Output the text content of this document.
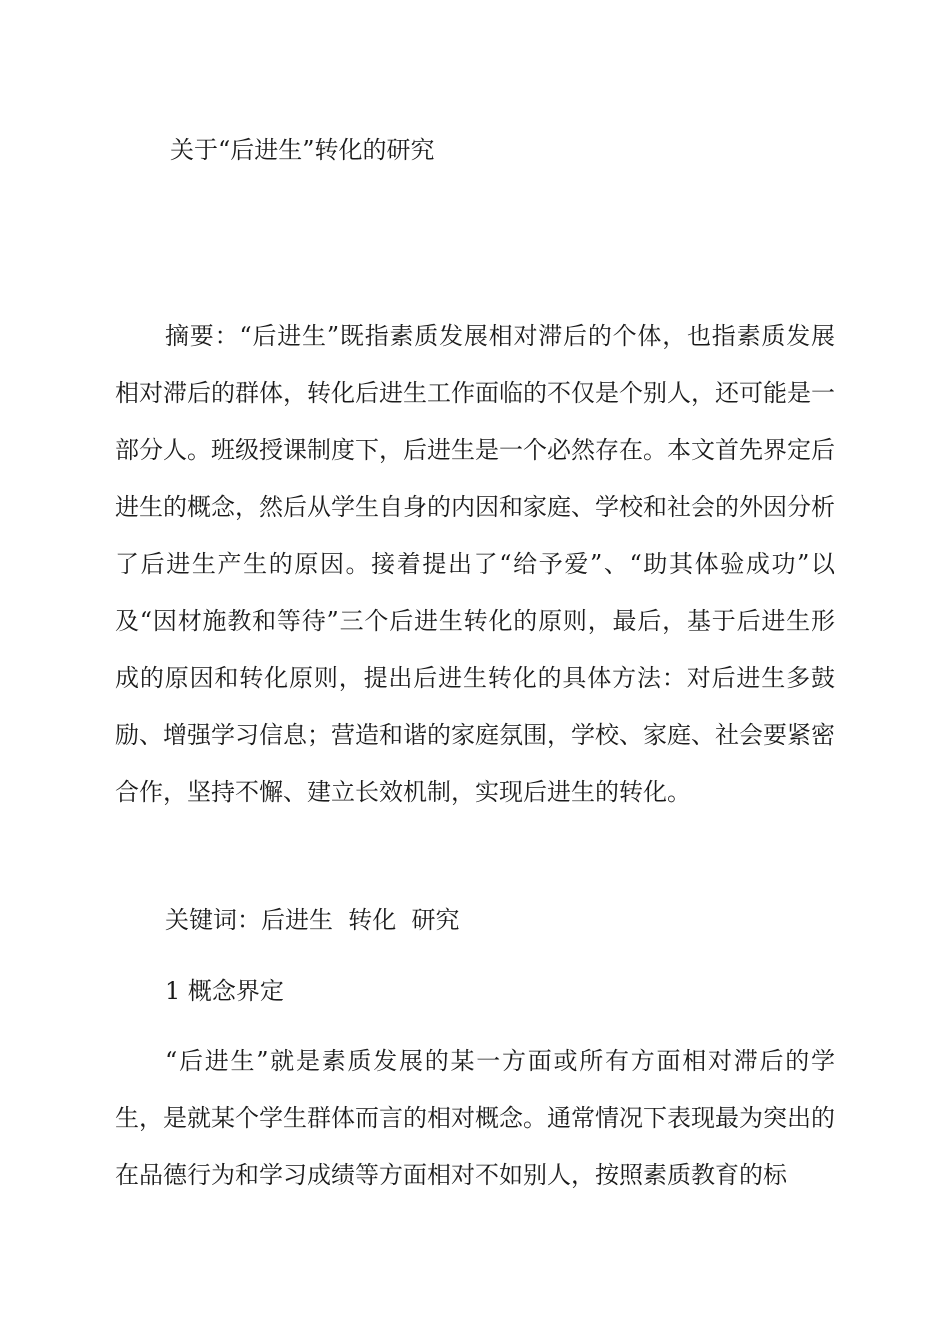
关于“后进生”转化的研究

摘要：“后进生”既指素质发展相对滞后的个体，也指素质发展相对滞后的群体，转化后进生工作面临的不仅是个别人，还可能是一部分人。班级授课制度下，后进生是一个必然存在。本文首先界定后进生的概念，然后从学生自身的内因和家庭、学校和社会的外因分析了后进生产生的原因。接着提出了“给予爱”、“助其体验成功”以及“因材施教和等待”三个后进生转化的原则，最后，基于后进生形成的原因和转化原则，提出后进生转化的具体方法：对后进生多鼓励、增强学习信息；营造和谐的家庭氛围，学校、家庭、社会要紧密合作，坚持不懈、建立长效机制，实现后进生的转化。

关键词：后进生  转化  研究

1 概念界定

“后进生”就是素质发展的某一方面或所有方面相对滞后的学生，是就某个学生群体而言的相对概念。通常情况下表现最为突出的在品德行为和学习成绩等方面相对不如别人，按照素质教育的标
